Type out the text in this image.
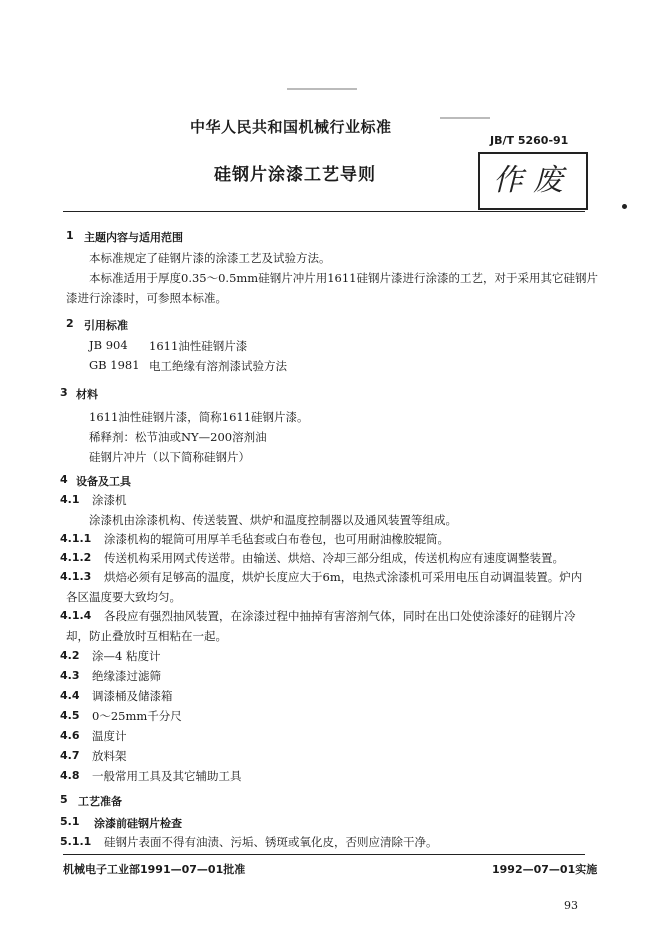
中华人民共和国机械行业标准
JB/T 5260-91
作废
硅钢片涂漆工艺导则
1 主题内容与适用范围
本标准规定了硅钢片漆的涂漆工艺及试验方法。
本标准适用于厚度0.35～0.5mm硅钢片冲片用1611硅钢片漆进行涂漆的工艺，对于采用其它硅钢片
漆进行涂漆时，可参照本标准。
2 引用标准
JB 904 1611油性硅钢片漆
GB 1981 电工绝缘有溶剂漆试验方法
3 材料
1611油性硅钢片漆，简称1611硅钢片漆。
稀释剂：松节油或NY—200溶剂油
硅钢片冲片（以下简称硅钢片）
4 设备及工具
4.1 涂漆机
涂漆机由涂漆机构、传送装置、烘炉和温度控制器以及通风装置等组成。
4.1.1 涂漆机构的辊筒可用厚羊毛毡套或白布卷包，也可用耐油橡胶辊筒。
4.1.2 传送机构采用网式传送带。由输送、烘焙、冷却三部分组成，传送机构应有速度调整装置。
4.1.3 烘焙必须有足够高的温度，烘炉长度应大于6m，电热式涂漆机可采用电压自动调温装置。炉内
各区温度要大致均匀。
4.1.4 各段应有强烈抽风装置，在涂漆过程中抽掉有害溶剂气体，同时在出口处使涂漆好的硅钢片冷
却，防止叠放时互相粘在一起。
4.2 涂—4 粘度计
4.3 绝缘漆过滤筛
4.4 调漆桶及储漆箱
4.5 0～25mm千分尺
4.6 温度计
4.7 放料架
4.8 一般常用工具及其它辅助工具
5 工艺准备
5.1 涂漆前硅钢片检查
5.1.1 硅钢片表面不得有油渍、污垢、锈斑或氧化皮，否则应清除干净。
机械电子工业部1991—07—01批准	1992—07—01实施
93
